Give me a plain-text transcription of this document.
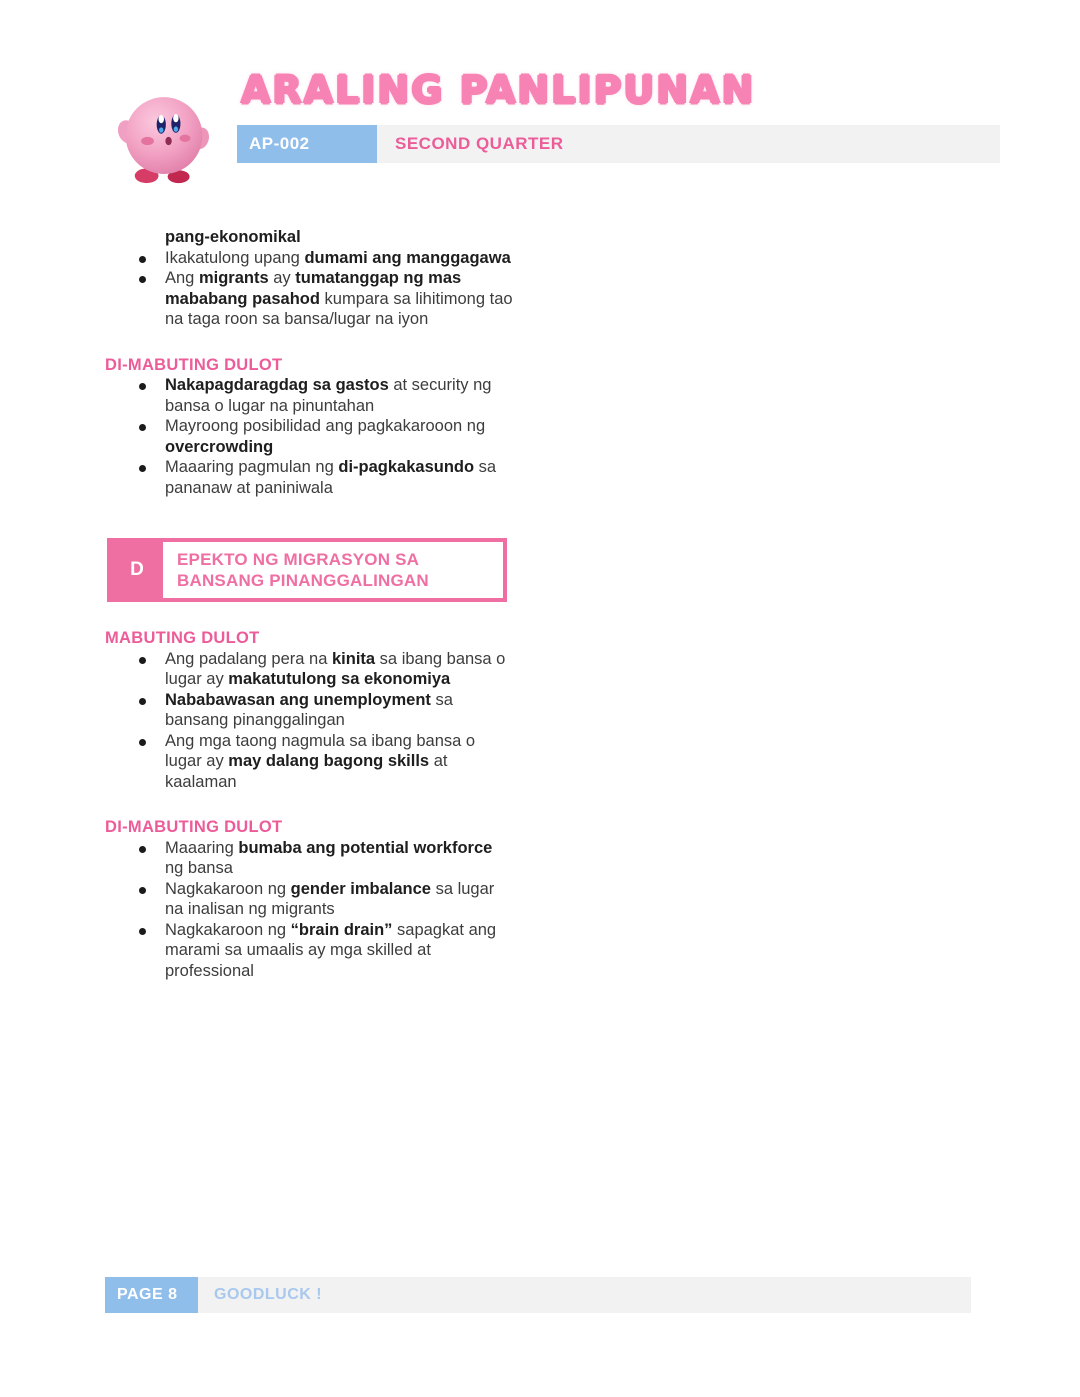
ARALING PANLIPUNAN
AP-002	SECOND QUARTER

pang-ekonomikal

Ikakatulong upang dumami ang manggagawa
Ang migrants ay tumatanggap ng mas mababang pasahod kumpara sa lihitimong tao na taga roon sa bansa/lugar na iyon
DI-MABUTING DULOT
Nakapagdaragdag sa gastos at security ng bansa o lugar na pinuntahan
Mayroong posibilidad ang pagkakarooon ng overcrowding
Maaaring pagmulan ng di-pagkakasundo sa pananaw at paniniwala
D	EPEKTO NG MIGRASYON SA BANSANG PINANGGALINGAN
MABUTING DULOT
Ang padalang pera na kinita sa ibang bansa o lugar ay makatutulong sa ekonomiya
Nababawasan ang unemployment sa bansang pinanggalingan
Ang mga taong nagmula sa ibang bansa o lugar ay may dalang bagong skills at kaalaman
DI-MABUTING DULOT
Maaaring bumaba ang potential workforce ng bansa
Nagkakaroon ng gender imbalance sa lugar na inalisan ng migrants
Nagkakaroon ng “brain drain” sapagkat ang marami sa umaalis ay mga skilled at professional
PAGE 8	GOODLUCK !
